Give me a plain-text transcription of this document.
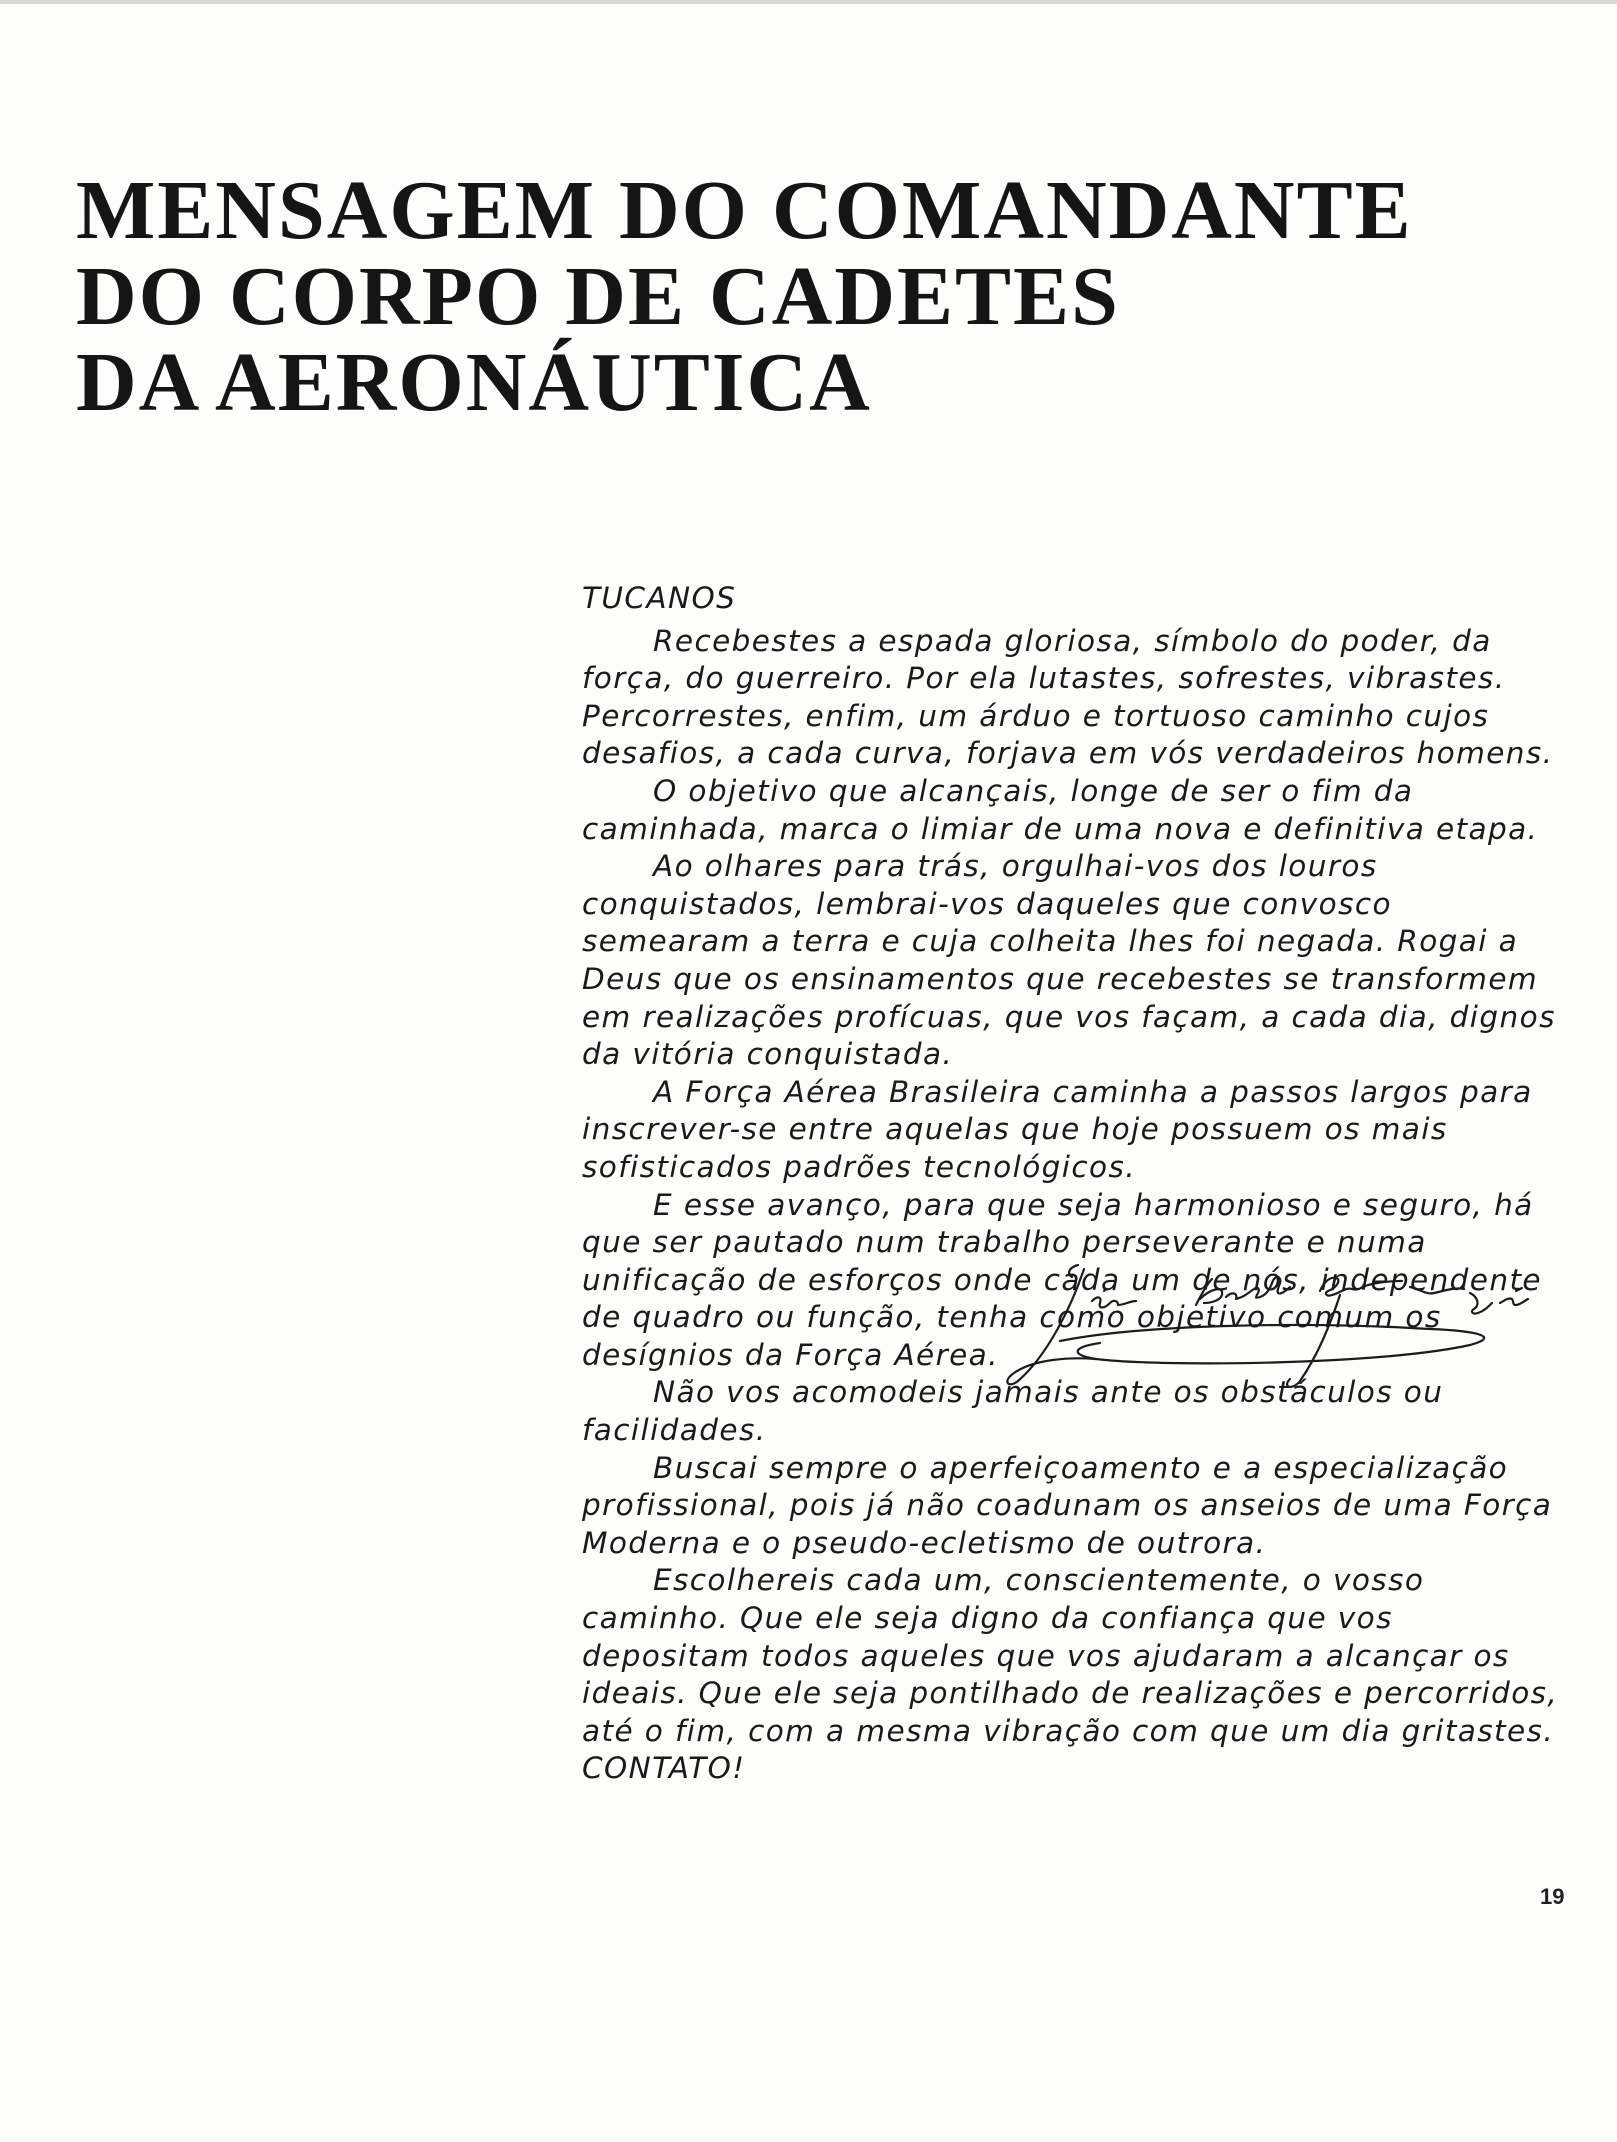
MENSAGEM DO COMANDANTE
DO CORPO DE CADETES
DA AERONÁUTICA
TUCANOS
Recebestes a espada gloriosa, símbolo do poder, da força, do guerreiro. Por ela lutastes, sofrestes, vibrastes. Percorrestes, enfim, um árduo e tortuoso caminho cujos desafios, a cada curva, forjava em vós verdadeiros homens.
O objetivo que alcançais, longe de ser o fim da caminhada, marca o limiar de uma nova e definitiva etapa.
Ao olhares para trás, orgulhai-vos dos louros conquistados, lembrai-vos daqueles que convosco semearam a terra e cuja colheita lhes foi negada. Rogai a Deus que os ensinamentos que recebestes se transformem em realizações profícuas, que vos façam, a cada dia, dignos da vitória conquistada.
A Força Aérea Brasileira caminha a passos largos para inscrever-se entre aquelas que hoje possuem os mais sofisticados padrões tecnológicos.
E esse avanço, para que seja harmonioso e seguro, há que ser pautado num trabalho perseverante e numa unificação de esforços onde cada um de nós, independente de quadro ou função, tenha como objetivo comum os desígnios da Força Aérea.
Não vos acomodeis jamais ante os obstáculos ou facilidades.
Buscai sempre o aperfeiçoamento e a especialização profissional, pois já não coadunam os anseios de uma Força Moderna e o pseudo-ecletismo de outrora.
Escolhereis cada um, conscientemente, o vosso caminho. Que ele seja digno da confiança que vos depositam todos aqueles que vos ajudaram a alcançar os ideais. Que ele seja pontilhado de realizações e percorridos, até o fim, com a mesma vibração com que um dia gritastes.
CONTATO!
19
